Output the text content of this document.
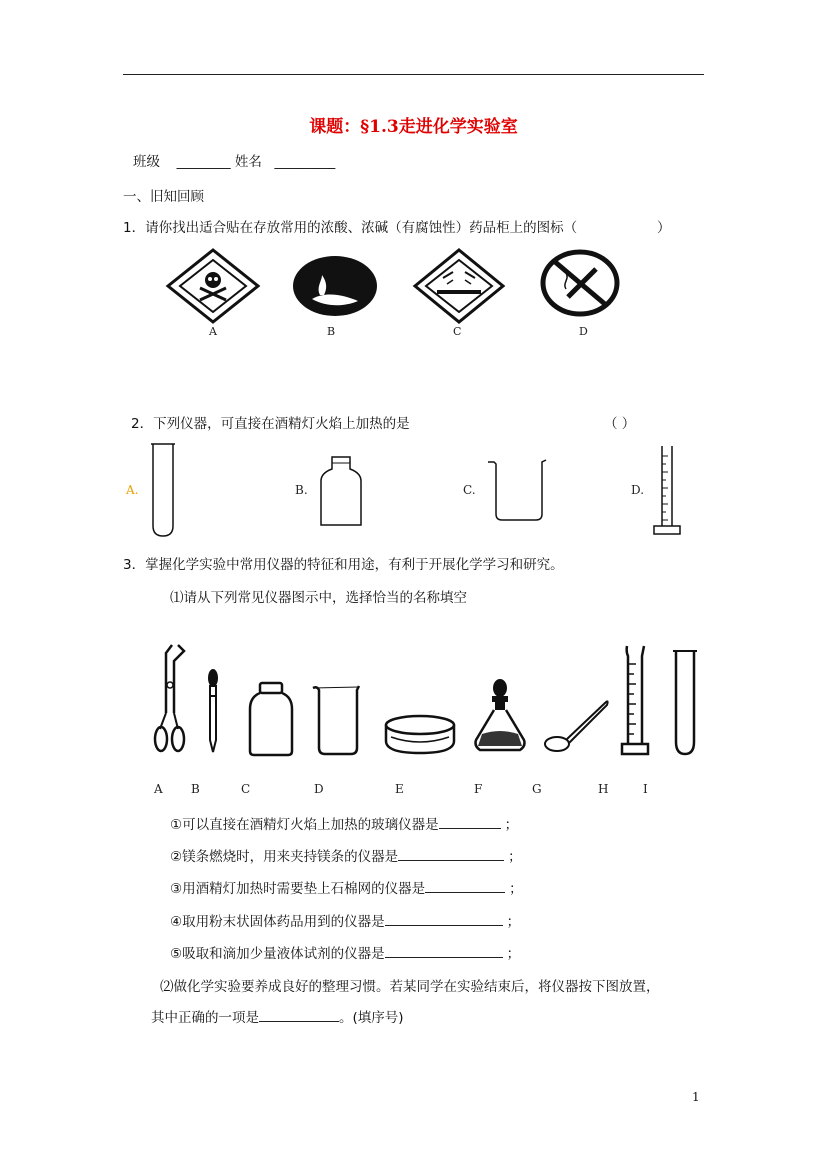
课题：§1.3走进化学实验室
班级 ________ 姓名 _________
一、旧知回顾
1．请你找出适合贴在存放常用的浓酸、浓碱（有腐蚀性）药品柜上的图标（	）
A	B	C	D
2．下列仪器，可直接在酒精灯火焰上加热的是	（ ）
A.	B.	C.	D.
3．掌握化学实验中常用仪器的特征和用途，有利于开展化学学习和研究。
⑴请从下列常见仪器图示中，选择恰当的名称填空
A B	C	D	E	F	G	H	I
①可以直接在酒精灯火焰上加热的玻璃仪器是	；
②镁条燃烧时，用来夹持镁条的仪器是	；
③用酒精灯加热时需要垫上石棉网的仪器是	；
④取用粉末状固体药品用到的仪器是	；
⑤吸取和滴加少量液体试剂的仪器是	；
⑵做化学实验要养成良好的整理习惯。若某同学在实验结束后，将仪器按下图放置，
其中正确的一项是	。(填序号)
1
